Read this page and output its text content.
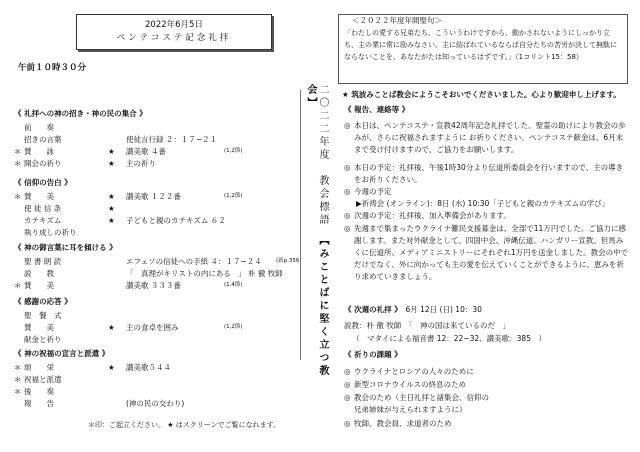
2022年6月5日
ペンテコステ記念礼拝
午前１０時３０分
《 礼拝への神の招き・神の民の集合 》
前　　奏
招きの言葉	使徒言行録 ２：１７−２１
＊ 賛　　詠	★ 讃美歌 ４番	(1,2節)
＊ 開会の祈り	★ 主の祈り
《 信仰の告白 》
＊ 賛　　美	★ 讃美歌 １２２番	(1,2節)
使 徒 信 条	★
カテキズム	★ 子どもと親のカテキズム ６２
執り成しの祈り
《 神の御言葉に耳を傾ける 》
聖 書 朗 読	エフェソの信徒への手紙 ４：１７−２４	(新p.356)
説　　教	「　真理がキリストの内にある　」 朴 徹 牧師
＊ 賛　　美	讃美歌 ３３３番	(1,4節)
《 感謝の応答 》
聖　餐　式
賛　　美	★ 主の食卓を囲み	(1,2節)
献金と祈り
《 神の祝福の宣言と派遣 》
＊ 頌　　栄	★ 讃美歌５４４
＊ 祝福と派遣
＊ 後　　奏
報　　告	(神の民の交わり)
＊印：ご起立ください。 ★ はスクリーンでご覧になれます。
二〇二二年度　教会標語　【みことばに堅く立つ教会】
＜２０２２年度年間聖句＞
「わたしの愛する兄弟たち、こういうわけですから、動かされないようにしっかり立ち、主の業に常に励みなさい。主に結ばれているならば自分たちの苦労が決して無駄にならないことを、あなたがたは知っているはずです。」（1コリント15：58）
★ 筑波みことば教会にようこそおいでくださいました。心より歓迎申し上げます。
《 報告、連絡等 》
◎ 本日は、ペンテコステ・宣教42周年記念礼拝でした。聖霊の助けにより教会の歩みが、さらに祝福されますように お祈りください。ペンテコステ献金は、6月末まで受け付けますので、ご協力をお願いします。
◎ 本日の予定：礼拝後、午後1時30分より伝道所委員会を行いますので、主の導きをお祈りください。
◎ 今週の予定
▶祈祷会 (オンライン)：8日 (水) 10:30「子どもと親のカテキズムの学び」
◎ 次週の予定：礼拝後、加入準備会があります。
◎ 先週まで集まったウクライナ難民支援募金は、全部で11万円でした。ご協力に感謝します。また対外献金として、四国中会、沖縄伝道、ハンガリー宣教、但馬みくに伝道所、メディアミニストリーにそれぞれ1万円を送金しました。教会の中でだけでなく、外に向かっても主の愛を伝えていくことができるように、恵みを祈り求めていきましょう。
《 次週の礼拝 》　 6月 12日 (日) 10：30
説教：朴 徹 牧師　「　神の国は来ているのだ　」
（　マタイによる福音書 12：22−32、讃美歌：385　）
《 祈りの課題 》
◎ ウクライナとロシアの人々のために
◎ 新型コロナウイルスの終息のため
◎ 教会のため（主日礼拝と諸集会、信仰の兄弟姉妹が与えられますように）
◎ 牧師、教会員、求道者のため
